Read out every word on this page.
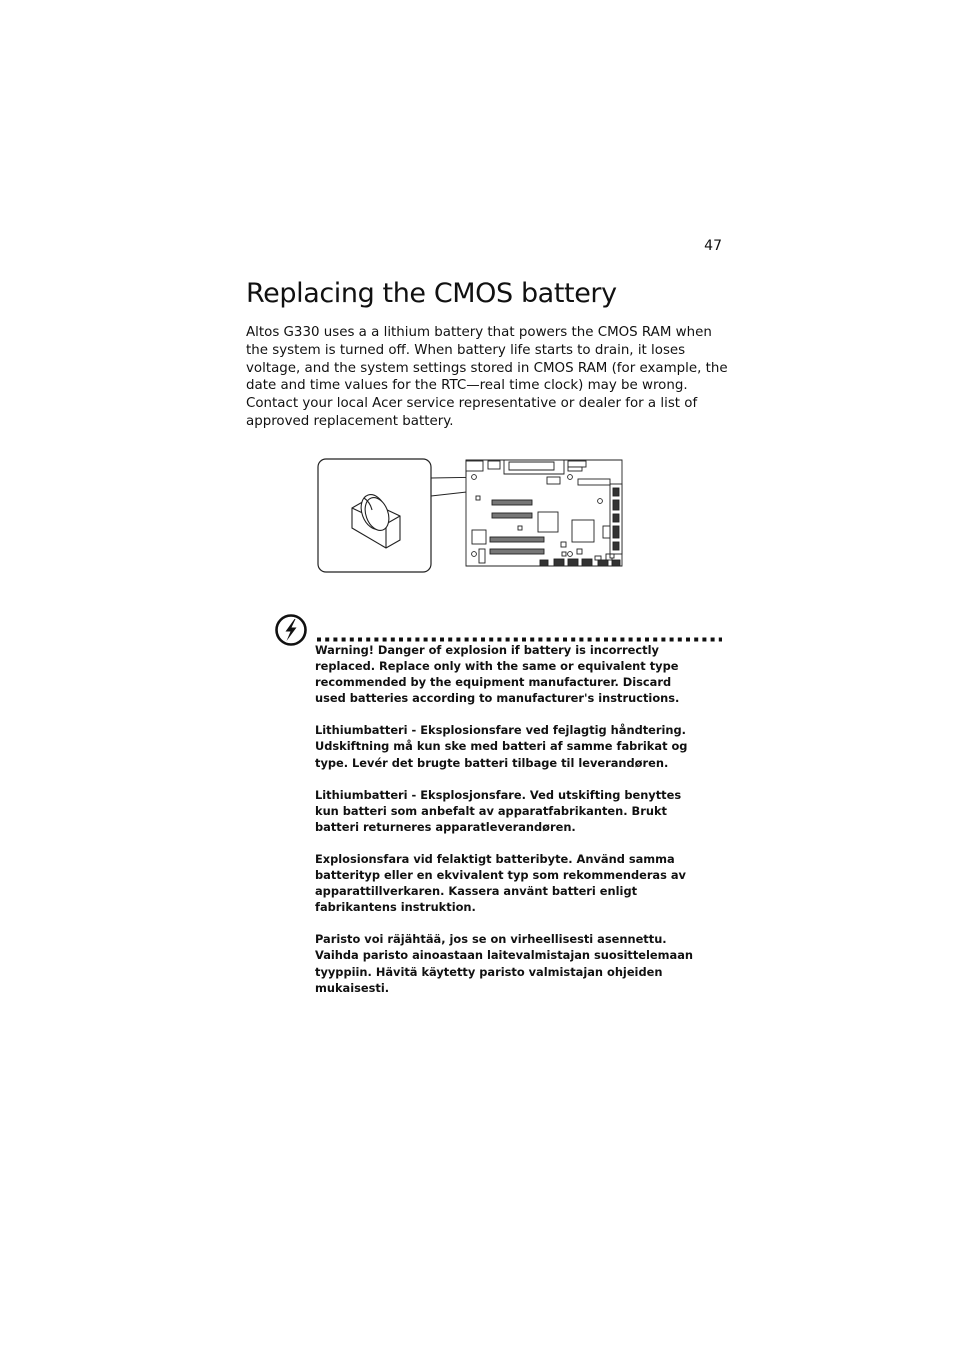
47
Replacing the CMOS battery

Altos G330 uses a a lithium battery that powers the CMOS RAM when
the system is turned off. When battery life starts to drain, it loses
voltage, and the system settings stored in CMOS RAM (for example, the
date and time values for the RTC—real time clock) may be wrong.
Contact your local Acer service representative or dealer for a list of
approved replacement battery.

Warning! Danger of explosion if battery is incorrectly
replaced. Replace only with the same or equivalent type
recommended by the equipment manufacturer. Discard
used batteries according to manufacturer's instructions.
Lithiumbatteri - Eksplosionsfare ved fejlagtig håndtering.
Udskiftning må kun ske med batteri af samme fabrikat og
type. Levér det brugte batteri tilbage til leverandøren.
Lithiumbatteri - Eksplosjonsfare. Ved utskifting benyttes
kun batteri som anbefalt av apparatfabrikanten. Brukt
batteri returneres apparatleverandøren.
Explosionsfara vid felaktigt batteribyte. Använd samma
batterityp eller en ekvivalent typ som rekommenderas av
apparattillverkaren. Kassera använt batteri enligt
fabrikantens instruktion.
Paristo voi räjähtää, jos se on virheellisesti asennettu.
Vaihda paristo ainoastaan laitevalmistajan suosittelemaan
tyyppiin. Hävitä käytetty paristo valmistajan ohjeiden
mukaisesti.
